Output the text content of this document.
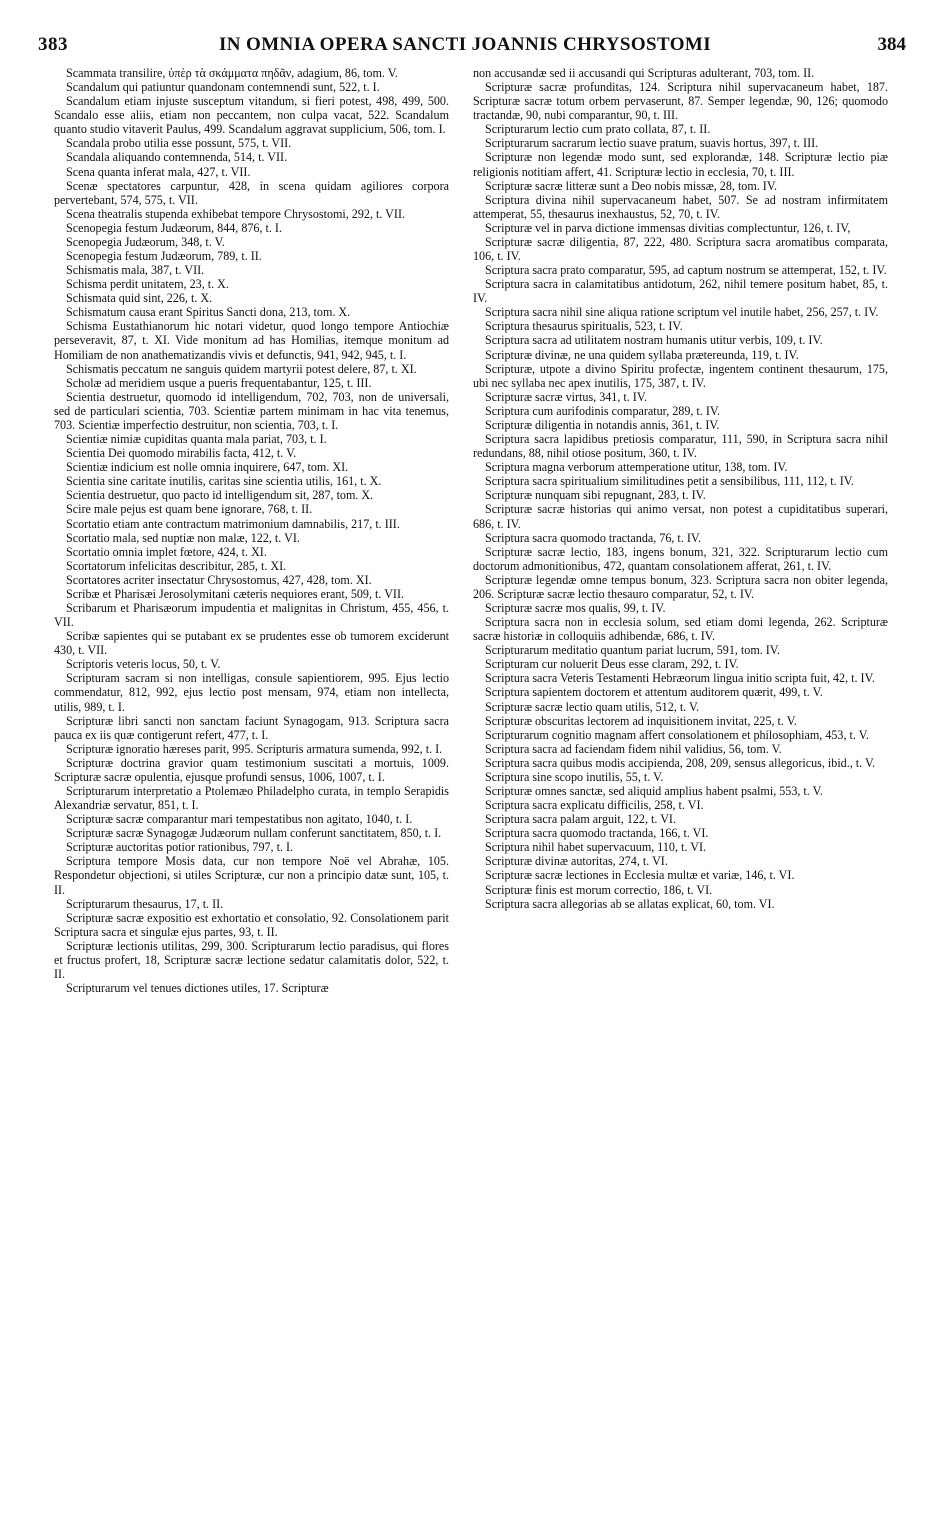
383	IN OMNIA OPERA SANCTI JOANNIS CHRYSOSTOMI	384

Scammata transilire, ὑπὲρ τὰ σκάμματα πηδᾶν, adagium, 86, tom. V.

Scandalum qui patiuntur quandonam contemnendi sunt, 522, t. I.

Scandalum etiam injuste susceptum vitandum, si fieri potest, 498, 499, 500. Scandalo esse aliis, etiam non peccantem, non culpa vacat, 522. Scandalum quanto studio vitaverit Paulus, 499. Scandalum aggravat supplicium, 506, tom. I.

Scandala probo utilia esse possunt, 575, t. VII.

Scandala aliquando contemnenda, 514, t. VII.

Scena quanta inferat mala, 427, t. VII.

Scenæ spectatores carpuntur, 428, in scena quidam agiliores corpora pervertebant, 574, 575, t. VII.

Scena theatralis stupenda exhibebat tempore Chrysostomi, 292, t. VII.

Scenopegia festum Judæorum, 844, 876, t. I.

Scenopegia Judæorum, 348, t. V.

Scenopegia festum Judæorum, 789, t. II.

Schismatis mala, 387, t. VII.

Schisma perdit unitatem, 23, t. X.

Schismata quid sint, 226, t. X.

Schismatum causa erant Spiritus Sancti dona, 213, tom. X.

Schisma Eustathianorum hic notari videtur, quod longo tempore Antiochiæ perseveravit, 87, t. XI. Vide monitum ad has Homilias, itemque monitum ad Homiliam de non anathematizandis vivis et defunctis, 941, 942, 945, t. I.

Schismatis peccatum ne sanguis quidem martyrii potest delere, 87, t. XI.

Scholæ ad meridiem usque a pueris frequentabantur, 125, t. III.

Scientia destruetur, quomodo id intelligendum, 702, 703, non de universali, sed de particulari scientia, 703. Scientiæ partem minimam in hac vita tenemus, 703. Scientiæ imperfectio destruitur, non scientia, 703, t. I.

Scientiæ nimiæ cupiditas quanta mala pariat, 703, t. I.

Scientia Dei quomodo mirabilis facta, 412, t. V.

Scientiæ indicium est nolle omnia inquirere, 647, tom. XI.

Scientia sine caritate inutilis, caritas sine scientia utilis, 161, t. X.

Scientia destruetur, quo pacto id intelligendum sit, 287, tom. X.

Scire male pejus est quam bene ignorare, 768, t. II.

Scortatio etiam ante contractum matrimonium damnabilis, 217, t. III.

Scortatio mala, sed nuptiæ non malæ, 122, t. VI.

Scortatio omnia implet fœtore, 424, t. XI.

Scortatorum infelicitas describitur, 285, t. XI.

Scortatores acriter insectatur Chrysostomus, 427, 428, tom. XI.

Scribæ et Pharisæi Jerosolymitani cæteris nequiores erant, 509, t. VII.

Scribarum et Pharisæorum impudentia et malignitas in Christum, 455, 456, t. VII.

Scribæ sapientes qui se putabant ex se prudentes esse ob tumorem exciderunt 430, t. VII.

Scriptoris veteris locus, 50, t. V.

Scripturam sacram si non intelligas, consule sapientiorem, 995. Ejus lectio commendatur, 812, 992, ejus lectio post mensam, 974, etiam non intellecta, utilis, 989, t. I.

Scripturæ libri sancti non sanctam faciunt Synagogam, 913. Scriptura sacra pauca ex iis quæ contigerunt refert, 477, t. I.

Scripturæ ignoratio hæreses parit, 995. Scripturis armatura sumenda, 992, t. I.

Scripturæ doctrina gravior quam testimonium suscitati a mortuis, 1009. Scripturæ sacræ opulentia, ejusque profundi sensus, 1006, 1007, t. I.

Scripturarum interpretatio a Ptolemæo Philadelpho curata, in templo Serapidis Alexandriæ servatur, 851, t. I.

Scripturæ sacræ comparantur mari tempestatibus non agitato, 1040, t. I.

Scripturæ sacræ Synagogæ Judæorum nullam conferunt sanctitatem, 850, t. I.

Scripturæ auctoritas potior rationibus, 797, t. I.

Scriptura tempore Mosis data, cur non tempore Noë vel Abrahæ, 105. Respondetur objectioni, si utiles Scripturæ, cur non a principio datæ sunt, 105, t. II.

Scripturarum thesaurus, 17, t. II.

Scripturæ sacræ expositio est exhortatio et consolatio, 92. Consolationem parit Scriptura sacra et singulæ ejus partes, 93, t. II.

Scripturæ lectionis utilitas, 299, 300. Scripturarum lectio paradisus, qui flores et fructus profert, 18, Scripturæ sacræ lectione sedatur calamitatis dolor, 522, t. II.

Scripturarum vel tenues dictiones utiles, 17. Scripturæ

non accusandæ sed ii accusandi qui Scripturas adulterant, 703, tom. II.

Scripturæ sacræ profunditas, 124. Scriptura nihil supervacaneum habet, 187. Scripturæ sacræ totum orbem pervaserunt, 87. Semper legendæ, 90, 126; quomodo tractandæ, 90, nubi comparantur, 90, t. III.

Scripturarum lectio cum prato collata, 87, t. II.

Scripturarum sacrarum lectio suave pratum, suavis hortus, 397, t. III.

Scripturæ non legendæ modo sunt, sed explorandæ, 148. Scripturæ lectio piæ religionis notitiam affert, 41. Scripturæ lectio in ecclesia, 70, t. III.

Scripturæ sacræ litteræ sunt a Deo nobis missæ, 28, tom. IV.

Scriptura divina nihil supervacaneum habet, 507. Se ad nostram infirmitatem attemperat, 55, thesaurus inexhaustus, 52, 70, t. IV.

Scripturæ vel in parva dictione immensas divitias complectuntur, 126, t. IV,

Scripturæ sacræ diligentia, 87, 222, 480. Scriptura sacra aromatibus comparata, 106, t. IV.

Scriptura sacra prato comparatur, 595, ad captum nostrum se attemperat, 152, t. IV.

Scriptura sacra in calamitatibus antidotum, 262, nihil temere positum habet, 85, t. IV.

Scriptura sacra nihil sine aliqua ratione scriptum vel inutile habet, 256, 257, t. IV.

Scriptura thesaurus spiritualis, 523, t. IV.

Scriptura sacra ad utilitatem nostram humanis utitur verbis, 109, t. IV.

Scripturæ divinæ, ne una quidem syllaba prætereunda, 119, t. IV.

Scripturæ, utpote a divino Spiritu profectæ, ingentem continent thesaurum, 175, ubi nec syllaba nec apex inutilis, 175, 387, t. IV.

Scripturæ sacræ virtus, 341, t. IV.

Scriptura cum aurifodinis comparatur, 289, t. IV.

Scripturæ diligentia in notandis annis, 361, t. IV.

Scriptura sacra lapidibus pretiosis comparatur, 111, 590, in Scriptura sacra nihil redundans, 88, nihil otiose positum, 360, t. IV.

Scriptura magna verborum attemperatione utitur, 138, tom. IV.

Scriptura sacra spiritualium similitudines petit a sensibilibus, 111, 112, t. IV.

Scripturæ nunquam sibi repugnant, 283, t. IV.

Scripturæ sacræ historias qui animo versat, non potest a cupiditatibus superari, 686, t. IV.

Scriptura sacra quomodo tractanda, 76, t. IV.

Scripturæ sacræ lectio, 183, ingens bonum, 321, 322. Scripturarum lectio cum doctorum admonitionibus, 472, quantam consolationem afferat, 261, t. IV.

Scripturæ legendæ omne tempus bonum, 323. Scriptura sacra non obiter legenda, 206. Scripturæ sacræ lectio thesauro comparatur, 52, t. IV.

Scripturæ sacræ mos qualis, 99, t. IV.

Scriptura sacra non in ecclesia solum, sed etiam domi legenda, 262. Scripturæ sacræ historiæ in colloquiis adhibendæ, 686, t. IV.

Scripturarum meditatio quantum pariat lucrum, 591, tom. IV.

Scripturam cur noluerit Deus esse claram, 292, t. IV.

Scriptura sacra Veteris Testamenti Hebræorum lingua initio scripta fuit, 42, t. IV.

Scriptura sapientem doctorem et attentum auditorem quærit, 499, t. V.

Scripturæ sacræ lectio quam utilis, 512, t. V.

Scripturæ obscuritas lectorem ad inquisitionem invitat, 225, t. V.

Scripturarum cognitio magnam affert consolationem et philosophiam, 453, t. V.

Scriptura sacra ad faciendam fidem nihil validius, 56, tom. V.

Scriptura sacra quibus modis accipienda, 208, 209, sensus allegoricus, ibid., t. V.

Scriptura sine scopo inutilis, 55, t. V.

Scripturæ omnes sanctæ, sed aliquid amplius habent psalmi, 553, t. V.

Scriptura sacra explicatu difficilis, 258, t. VI.

Scriptura sacra palam arguit, 122, t. VI.

Scriptura sacra quomodo tractanda, 166, t. VI.

Scriptura nihil habet supervacuum, 110, t. VI.

Scripturæ divinæ autoritas, 274, t. VI.

Scripturæ sacræ lectiones in Ecclesia multæ et variæ, 146, t. VI.

Scripturæ finis est morum correctio, 186, t. VI.

Scriptura sacra allegorias ab se allatas explicat, 60, tom. VI.
